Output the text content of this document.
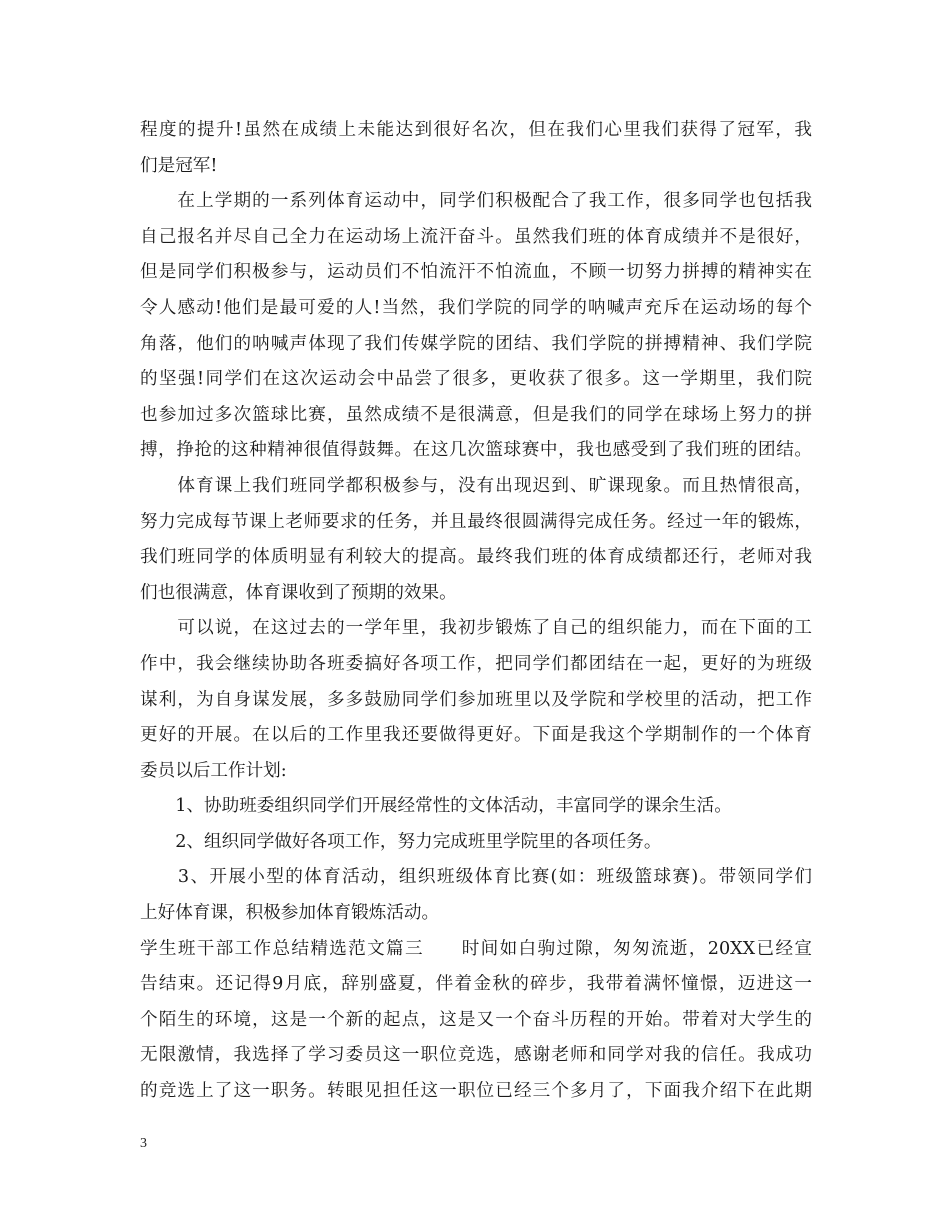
程度的提升!虽然在成绩上未能达到很好名次，但在我们心里我们获得了冠军，我
们是冠军!
　　在上学期的一系列体育运动中，同学们积极配合了我工作，很多同学也包括我
自己报名并尽自己全力在运动场上流汗奋斗。虽然我们班的体育成绩并不是很好，
但是同学们积极参与，运动员们不怕流汗不怕流血，不顾一切努力拼搏的精神实在
令人感动!他们是最可爱的人!当然，我们学院的同学的呐喊声充斥在运动场的每个
角落，他们的呐喊声体现了我们传媒学院的团结、我们学院的拼搏精神、我们学院
的坚强!同学们在这次运动会中品尝了很多，更收获了很多。这一学期里，我们院
也参加过多次篮球比赛，虽然成绩不是很满意，但是我们的同学在球场上努力的拼
搏，挣抢的这种精神很值得鼓舞。在这几次篮球赛中，我也感受到了我们班的团结。
　　体育课上我们班同学都积极参与，没有出现迟到、旷课现象。而且热情很高，
努力完成每节课上老师要求的任务，并且最终很圆满得完成任务。经过一年的锻炼，
我们班同学的体质明显有利较大的提高。最终我们班的体育成绩都还行，老师对我
们也很满意，体育课收到了预期的效果。
　　可以说，在这过去的一学年里，我初步锻炼了自己的组织能力，而在下面的工
作中，我会继续协助各班委搞好各项工作，把同学们都团结在一起，更好的为班级
谋利，为自身谋发展，多多鼓励同学们参加班里以及学院和学校里的活动，把工作
更好的开展。在以后的工作里我还要做得更好。下面是我这个学期制作的一个体育
委员以后工作计划:
　　1、协助班委组织同学们开展经常性的文体活动，丰富同学的课余生活。
　　2、组织同学做好各项工作，努力完成班里学院里的各项任务。
　　3、开展小型的体育活动，组织班级体育比赛(如：班级篮球赛)。带领同学们
上好体育课，积极参加体育锻炼活动。
学生班干部工作总结精选范文篇三　　时间如白驹过隙，匆匆流逝，20XX已经宣
告结束。还记得9月底，辞别盛夏，伴着金秋的碎步，我带着满怀憧憬，迈进这一
个陌生的环境，这是一个新的起点，这是又一个奋斗历程的开始。带着对大学生的
无限激情，我选择了学习委员这一职位竞选，感谢老师和同学对我的信任。我成功
的竞选上了这一职务。转眼见担任这一职位已经三个多月了，下面我介绍下在此期
3
